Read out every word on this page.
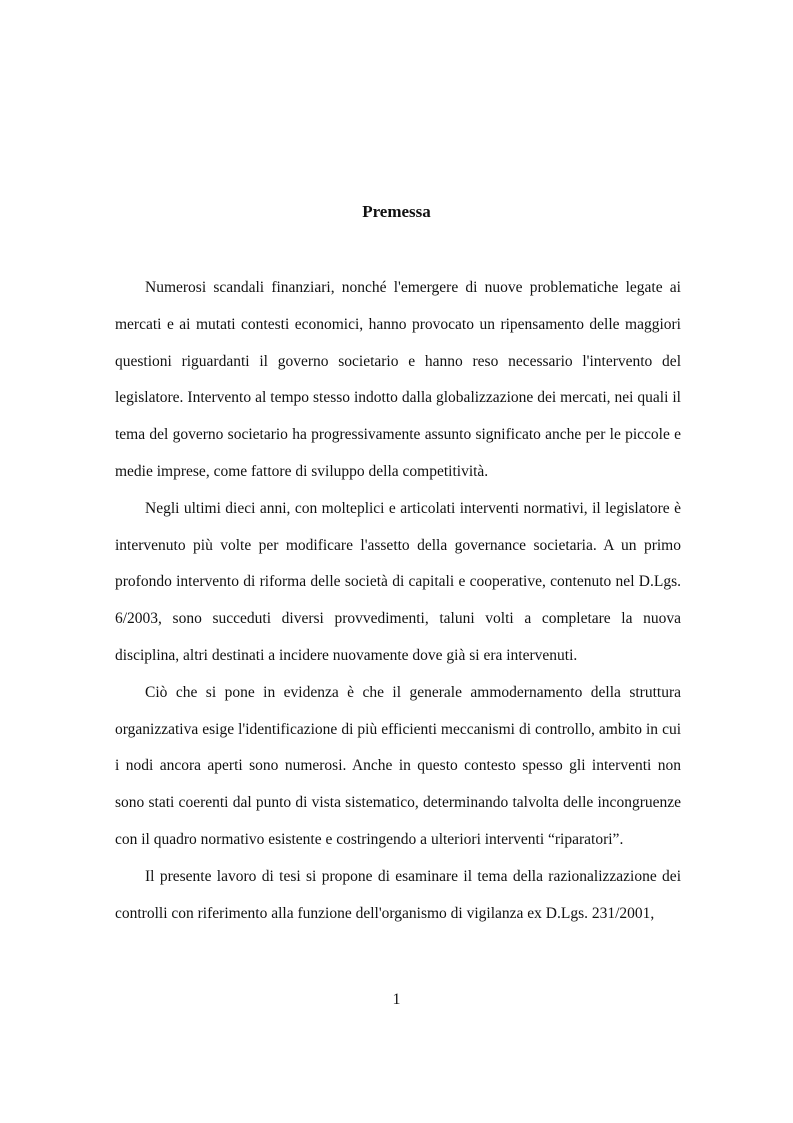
Premessa

Numerosi scandali finanziari, nonché l'emergere di nuove problematiche legate ai mercati e ai mutati contesti economici, hanno provocato un ripensamento delle maggiori questioni riguardanti il governo societario e hanno reso necessario l'intervento del legislatore. Intervento al tempo stesso indotto dalla globalizzazione dei mercati, nei quali il tema del governo societario ha progressivamente assunto significato anche per le piccole e medie imprese, come fattore di sviluppo della competitività.

Negli ultimi dieci anni, con molteplici e articolati interventi normativi, il legislatore è intervenuto più volte per modificare l'assetto della governance societaria. A un primo profondo intervento di riforma delle società di capitali e cooperative, contenuto nel D.Lgs. 6/2003, sono succeduti diversi provvedimenti, taluni volti a completare la nuova disciplina, altri destinati a incidere nuovamente dove già si era intervenuti.

Ciò che si pone in evidenza è che il generale ammodernamento della struttura organizzativa esige l'identificazione di più efficienti meccanismi di controllo, ambito in cui i nodi ancora aperti sono numerosi. Anche in questo contesto spesso gli interventi non sono stati coerenti dal punto di vista sistematico, determinando talvolta delle incongruenze con il quadro normativo esistente e costringendo a ulteriori interventi “riparatori”.

Il presente lavoro di tesi si propone di esaminare il tema della razionalizzazione dei controlli con riferimento alla funzione dell'organismo di vigilanza ex D.Lgs. 231/2001,

1
